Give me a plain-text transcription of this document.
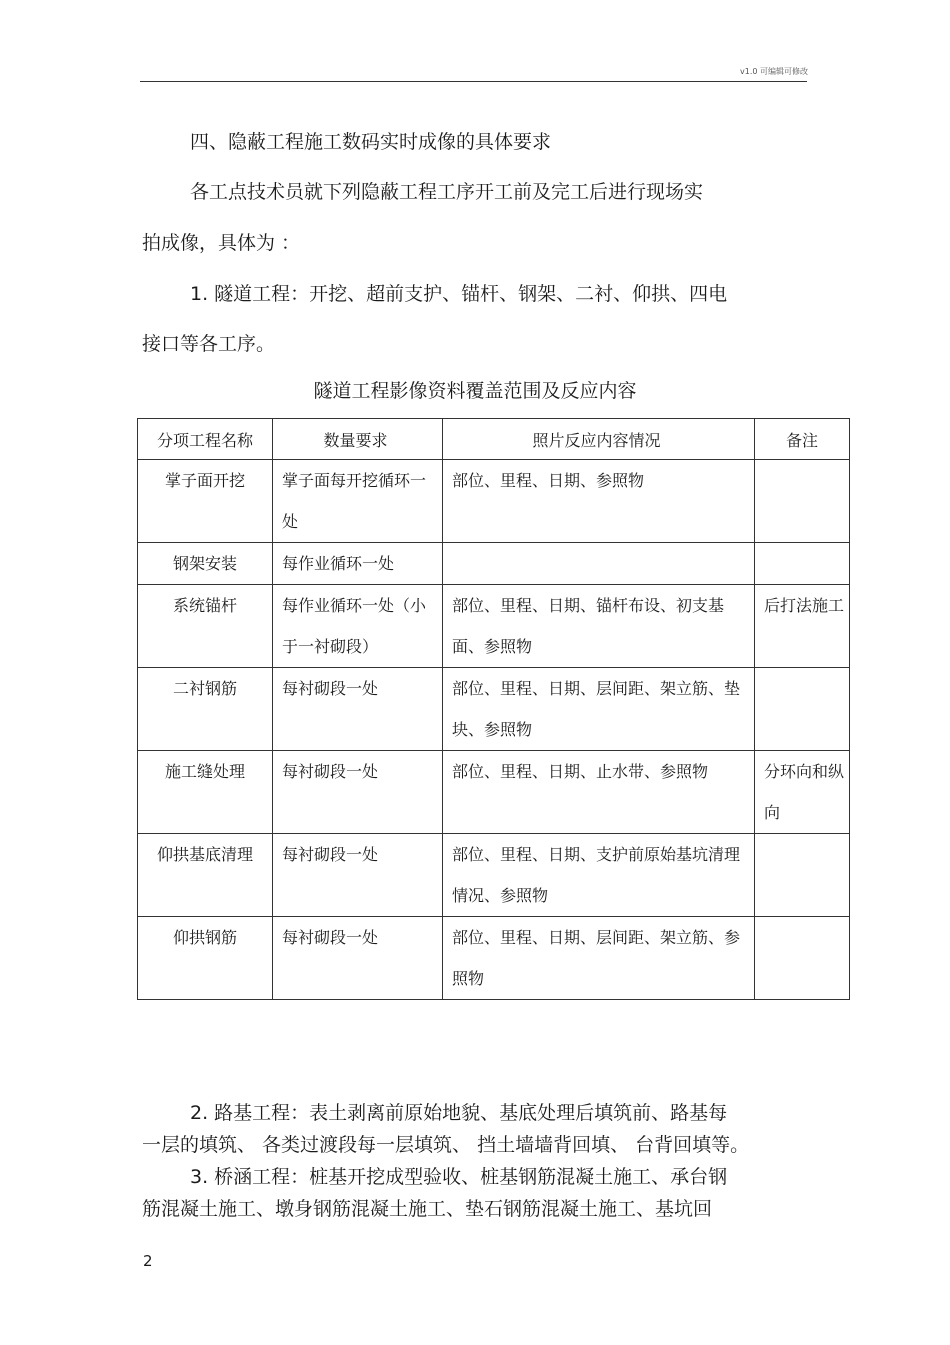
v1.0 可编辑可修改
四、隐蔽工程施工数码实时成像的具体要求
各工点技术员就下列隐蔽工程工序开工前及完工后进行现场实
拍成像，具体为 ：
1. 隧道工程：开挖、超前支护、锚杆、钢架、二衬、仰拱、四电
接口等各工序。
隧道工程影像资料覆盖范围及反应内容
分项工程名称	数量要求	照片反应内容情况	备注
掌子面开挖	掌子面每开挖循环一处	部位、里程、日期、参照物	
钢架安装	每作业循环一处		
系统锚杆	每作业循环一处（小于一衬砌段）	部位、里程、日期、锚杆布设、初支基面、参照物	后打法施工
二衬钢筋	每衬砌段一处	部位、里程、日期、层间距、架立筋、垫块、参照物	
施工缝处理	每衬砌段一处	部位、里程、日期、止水带、参照物	分环向和纵向
仰拱基底清理	每衬砌段一处	部位、里程、日期、支护前原始基坑清理情况、参照物	
仰拱钢筋	每衬砌段一处	部位、里程、日期、层间距、架立筋、参照物	
2. 路基工程：表土剥离前原始地貌、基底处理后填筑前、路基每
一层的填筑、 各类过渡段每一层填筑、 挡土墙墙背回填、 台背回填等。
3. 桥涵工程：桩基开挖成型验收、桩基钢筋混凝土施工、承台钢
筋混凝土施工、墩身钢筋混凝土施工、垫石钢筋混凝土施工、基坑回
2
